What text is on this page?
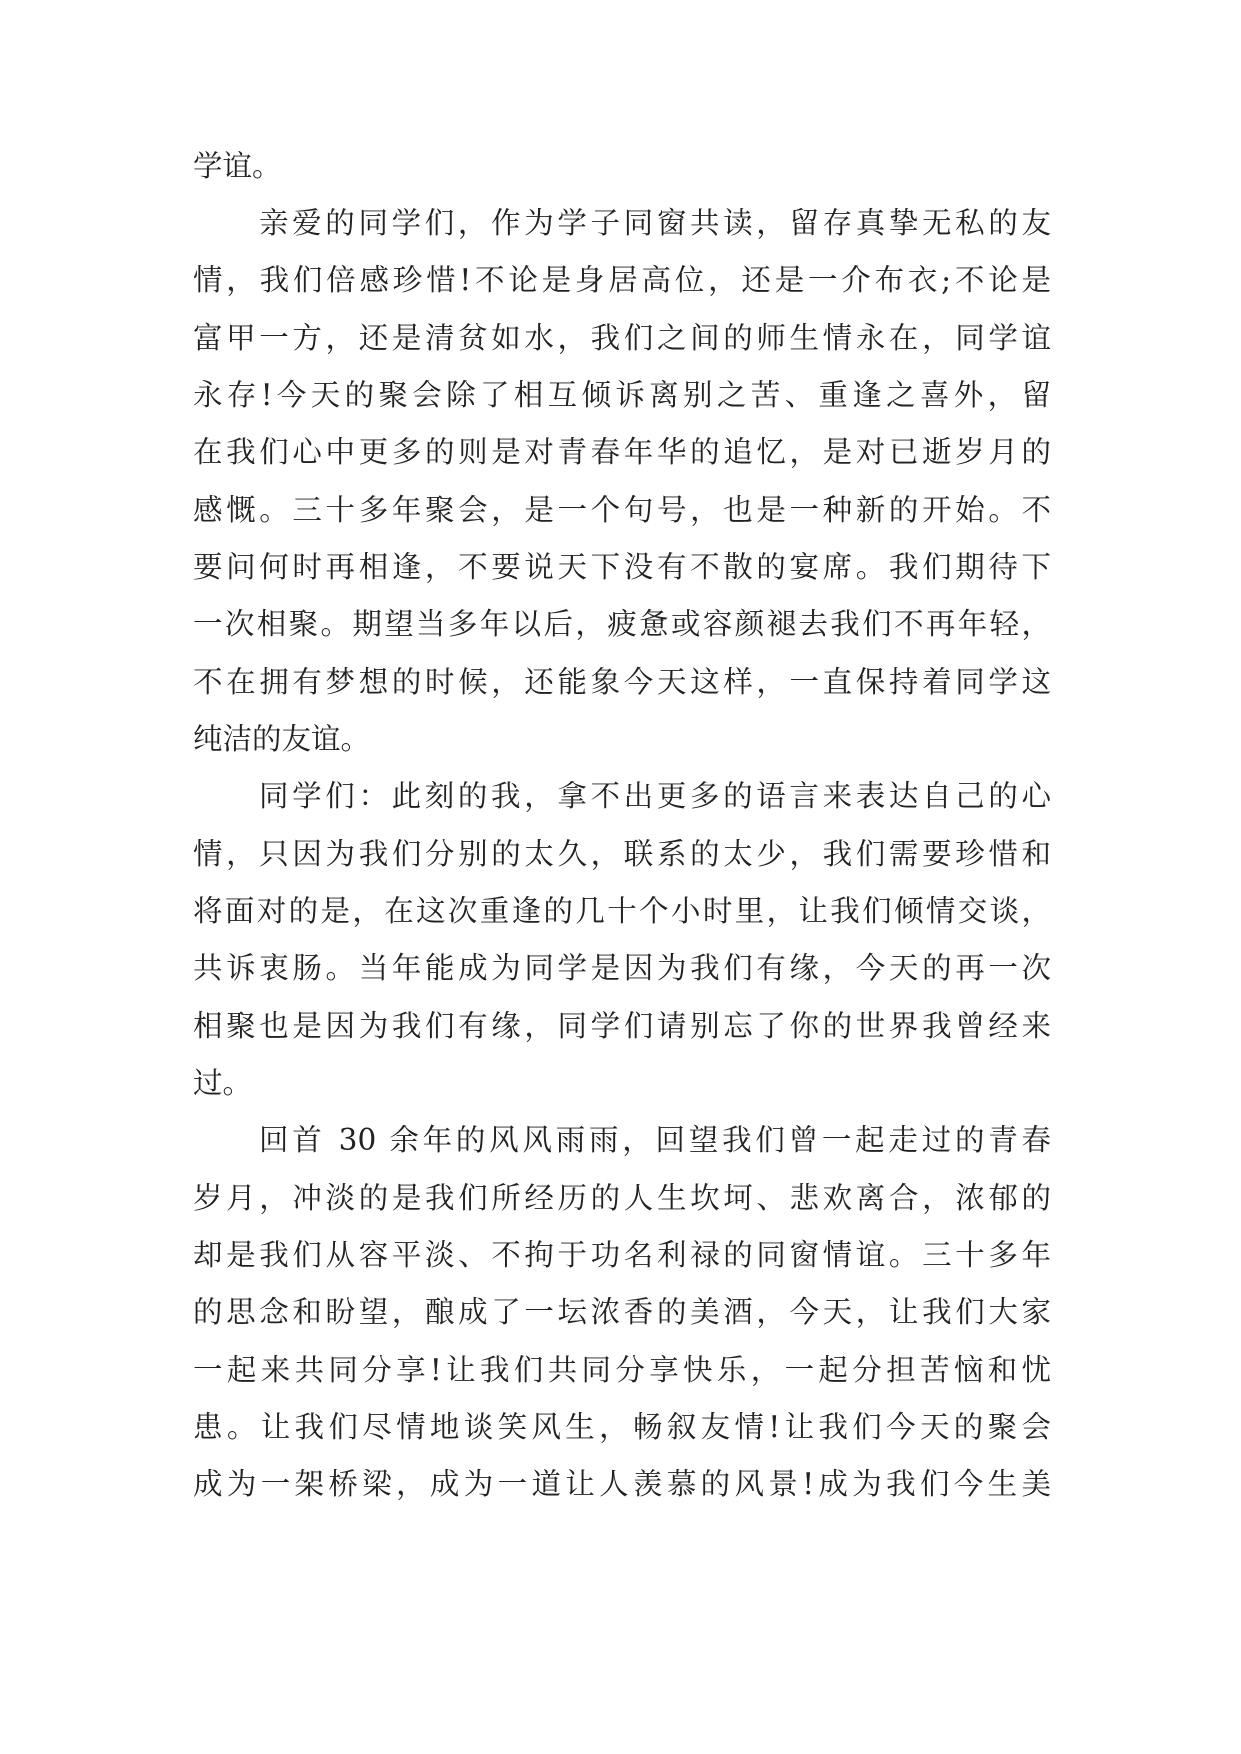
学谊。
亲爱的同学们，作为学子同窗共读，留存真挚无私的友
情，我们倍感珍惜!不论是身居高位，还是一介布衣;不论是
富甲一方，还是清贫如水，我们之间的师生情永在，同学谊
永存!今天的聚会除了相互倾诉离别之苦、重逢之喜外，留
在我们心中更多的则是对青春年华的追忆，是对已逝岁月的
感慨。三十多年聚会，是一个句号，也是一种新的开始。不
要问何时再相逢，不要说天下没有不散的宴席。我们期待下
一次相聚。期望当多年以后，疲惫或容颜褪去我们不再年轻，
不在拥有梦想的时候，还能象今天这样，一直保持着同学这
纯洁的友谊。
同学们：此刻的我，拿不出更多的语言来表达自己的心
情，只因为我们分别的太久，联系的太少，我们需要珍惜和
将面对的是，在这次重逢的几十个小时里，让我们倾情交谈，
共诉衷肠。当年能成为同学是因为我们有缘，今天的再一次
相聚也是因为我们有缘，同学们请别忘了你的世界我曾经来
过。
回首 30 余年的风风雨雨，回望我们曾一起走过的青春
岁月，冲淡的是我们所经历的人生坎坷、悲欢离合，浓郁的
却是我们从容平淡、不拘于功名利禄的同窗情谊。三十多年
的思念和盼望，酿成了一坛浓香的美酒，今天，让我们大家
一起来共同分享!让我们共同分享快乐，一起分担苦恼和忧
患。让我们尽情地谈笑风生，畅叙友情!让我们今天的聚会
成为一架桥梁，成为一道让人羡慕的风景!成为我们今生美
